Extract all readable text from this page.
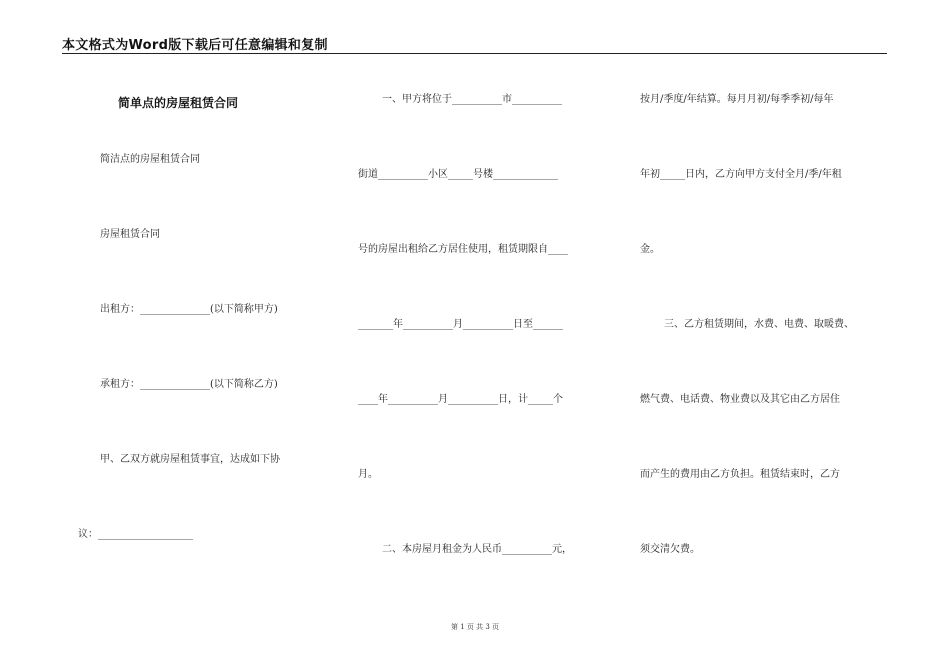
本文格式为Word版下载后可任意编辑和复制
简单点的房屋租赁合同
简洁点的房屋租赁合同
房屋租赁合同
出租方：______________(以下简称甲方)
承租方：______________(以下简称乙方)
甲、乙双方就房屋租赁事宜，达成如下协
议：___________________
一、甲方将位于__________市__________
街道__________小区_____号楼_____________
号的房屋出租给乙方居住使用，租赁期限自____
_______年__________月__________日至______
____年__________月__________日，计_____个
月。
二、本房屋月租金为人民币__________元，
按月/季度/年结算。每月月初/每季季初/每年
年初_____日内，乙方向甲方支付全月/季/年租
金。
三、乙方租赁期间，水费、电费、取暖费、
燃气费、电话费、物业费以及其它由乙方居住
而产生的费用由乙方负担。租赁结束时，乙方
须交清欠费。
第 1 页 共 3 页
